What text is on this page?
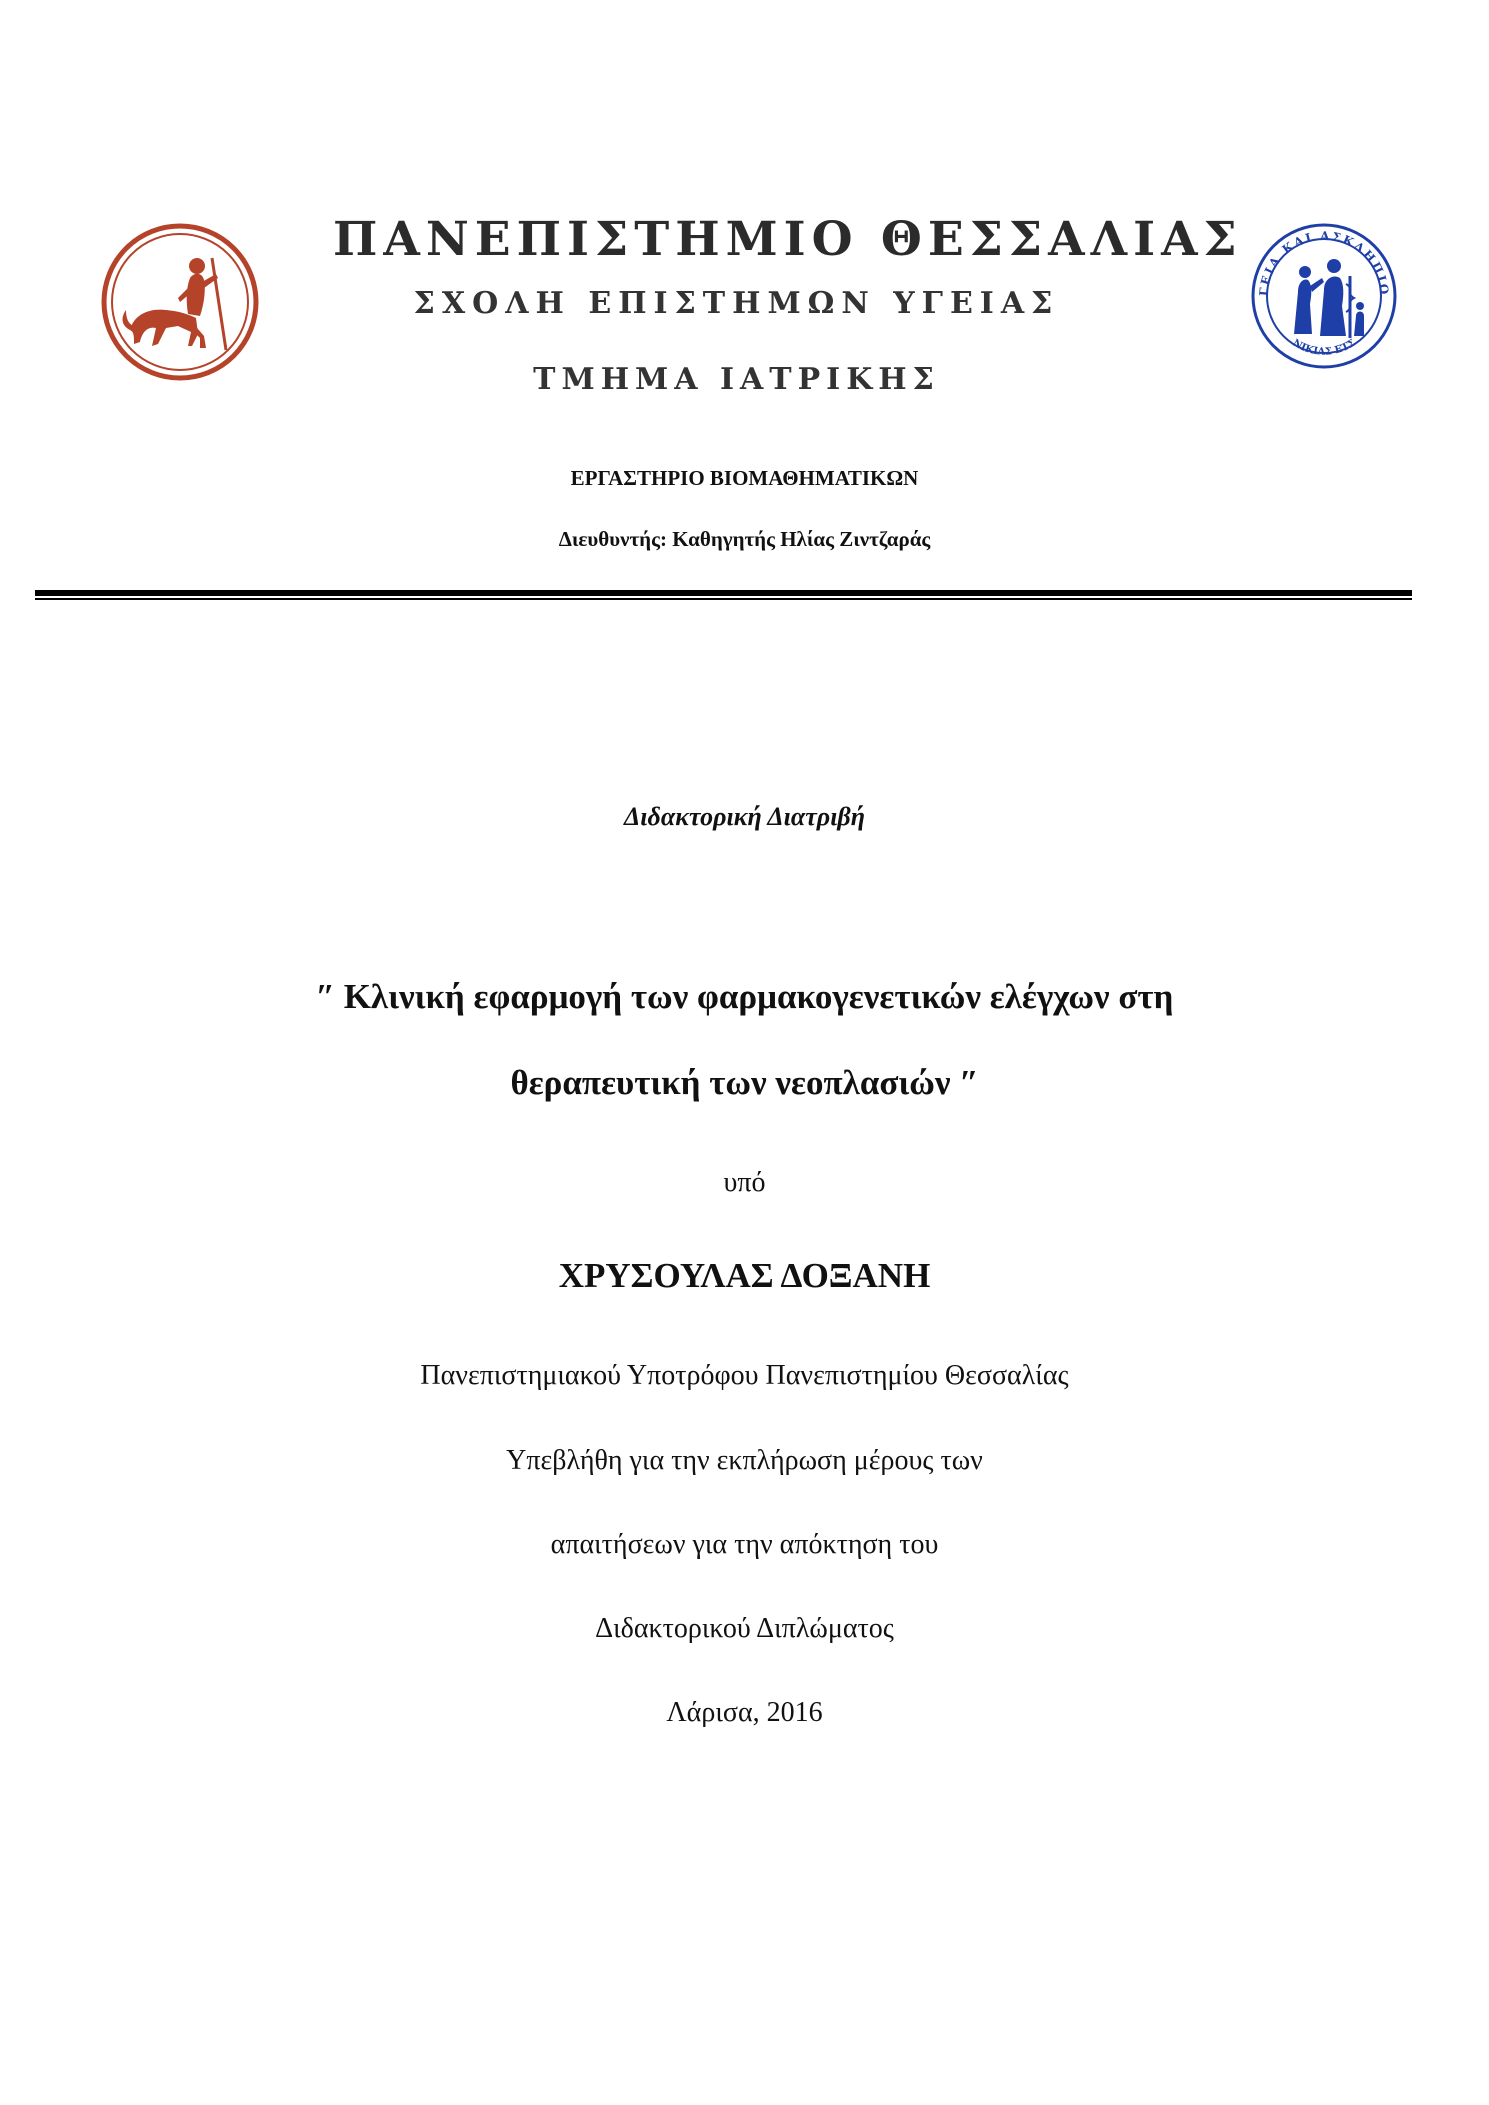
ΠΑΝΕΠΙΣΤΗΜΙΟ ΘΕΣΣΑΛΙΑΣ
ΣΧΟΛΗ ΕΠΙΣΤΗΜΩΝ ΥΓΕΙΑΣ
ΤΜΗΜΑ ΙΑΤΡΙΚΗΣ
ΓΕΙΑ ΚΑΙ ΑΣΚΛΗΠΙΟ
ΝΙΚΙΑΣ ΕΤΣ
ΕΡΓΑΣΤΗΡΙΟ ΒΙΟΜΑΘΗΜΑΤΙΚΩΝ
Διευθυντής: Καθηγητής Ηλίας Ζιντζαράς
Διδακτορική Διατριβή
″ Κλινική εφαρμογή των φαρμακογενετικών ελέγχων στη
θεραπευτική των νεοπλασιών ″
υπό
ΧΡΥΣΟΥΛΑΣ ΔΟΞΑΝΗ
Πανεπιστημιακού Υποτρόφου Πανεπιστημίου Θεσσαλίας
Υπεβλήθη για την εκπλήρωση μέρους των
απαιτήσεων για την απόκτηση του
Διδακτορικού Διπλώματος
Λάρισα, 2016
